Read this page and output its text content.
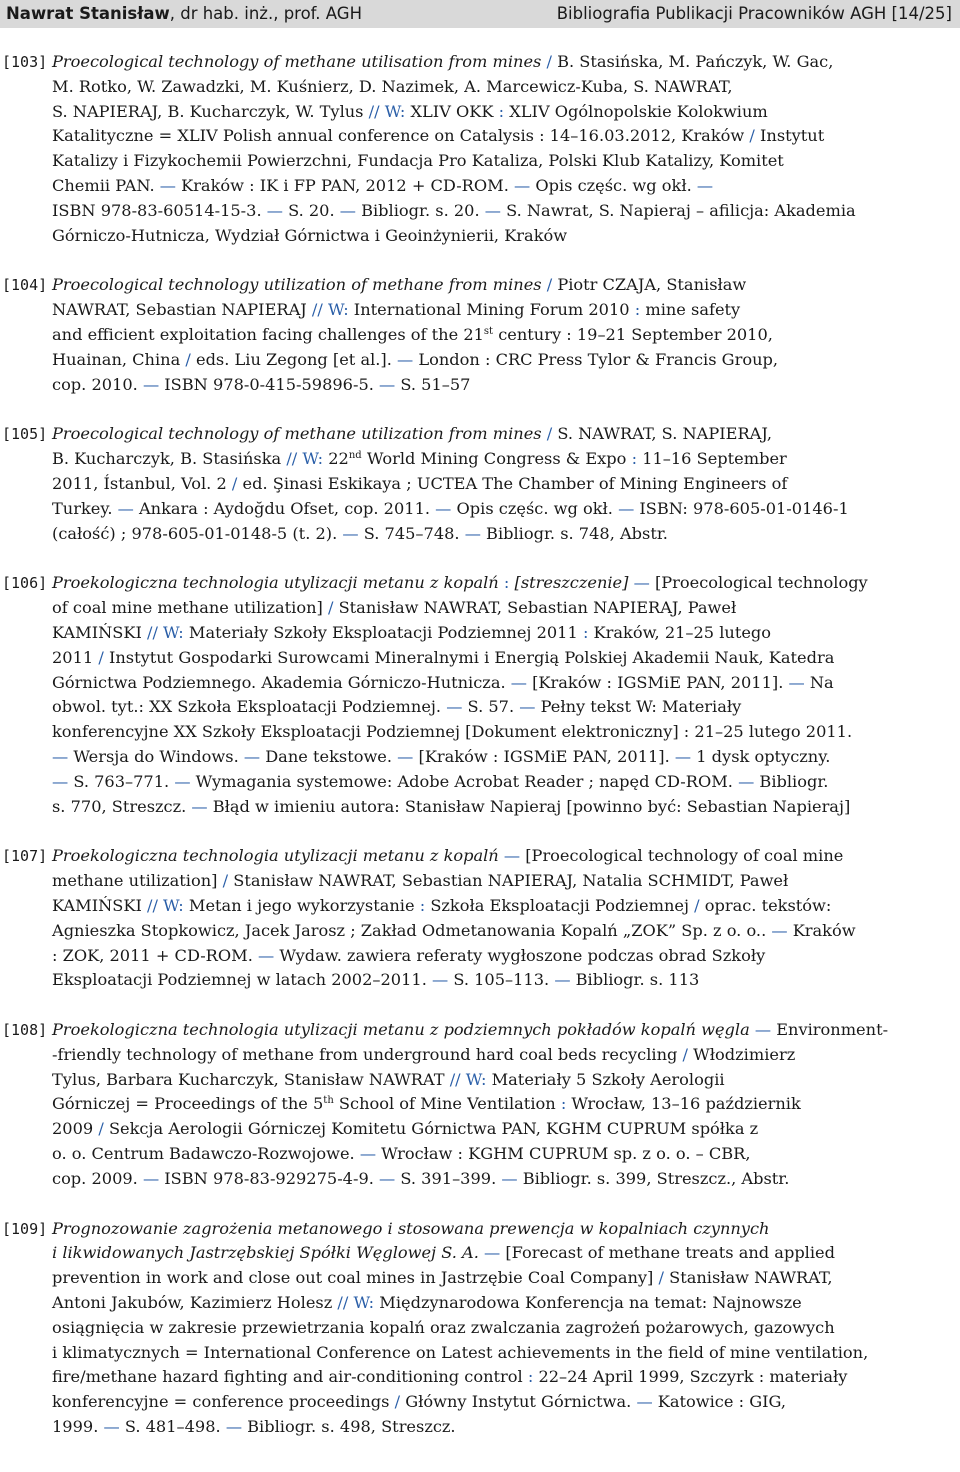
Nawrat Stanisław, dr hab. inż., prof. AGH	Bibliografia Publikacji Pracowników AGH [14/25]
[103] Proecological technology of methane utilisation from mines / B. Stasińska, M. Pańczyk, W. Gac,
M. Rotko, W. Zawadzki, M. Kuśnierz, D. Nazimek, A. Marcewicz-Kuba, S. NAWRAT,
S. NAPIERAJ, B. Kucharczyk, W. Tylus // W: XLIV OKK : XLIV Ogólnopolskie Kolokwium
Katalityczne = XLIV Polish annual conference on Catalysis : 14–16.03.2012, Kraków / Instytut
Katalizy i Fizykochemii Powierzchni, Fundacja Pro Kataliza, Polski Klub Katalizy, Komitet
Chemii PAN. — Kraków : IK i FP PAN, 2012 + CD-ROM. — Opis częśc. wg okł. —
ISBN 978-83-60514-15-3. — S. 20. — Bibliogr. s. 20. — S. Nawrat, S. Napieraj – afilicja: Akademia
Górniczo-Hutnicza, Wydział Górnictwa i Geoinżynierii, Kraków
[104] Proecological technology utilization of methane from mines / Piotr CZAJA, Stanisław
NAWRAT, Sebastian NAPIERAJ // W: International Mining Forum 2010 : mine safety
and efficient exploitation facing challenges of the 21st century : 19–21 September 2010,
Huainan, China / eds. Liu Zegong [et al.]. — London : CRC Press Tylor & Francis Group,
cop. 2010. — ISBN 978-0-415-59896-5. — S. 51–57
[105] Proecological technology of methane utilization from mines / S. NAWRAT, S. NAPIERAJ,
B. Kucharczyk, B. Stasińska // W: 22nd World Mining Congress & Expo : 11–16 September
2011, Ístanbul, Vol. 2 / ed. Şinasi Eskikaya ; UCTEA The Chamber of Mining Engineers of
Turkey. — Ankara : Aydoğdu Ofset, cop. 2011. — Opis częśc. wg okł. — ISBN: 978-605-01-0146-1
(całość) ; 978-605-01-0148-5 (t. 2). — S. 745–748. — Bibliogr. s. 748, Abstr.
[106] Proekologiczna technologia utylizacji metanu z kopalń : [streszczenie] — [Proecological technology
of coal mine methane utilization] / Stanisław NAWRAT, Sebastian NAPIERAJ, Paweł
KAMIŃSKI // W: Materiały Szkoły Eksploatacji Podziemnej 2011 : Kraków, 21–25 lutego
2011 / Instytut Gospodarki Surowcami Mineralnymi i Energią Polskiej Akademii Nauk, Katedra
Górnictwa Podziemnego. Akademia Górniczo-Hutnicza. — [Kraków : IGSMiE PAN, 2011]. — Na
obwol. tyt.: XX Szkoła Eksploatacji Podziemnej. — S. 57. — Pełny tekst W: Materiały
konferencyjne XX Szkoły Eksploatacji Podziemnej [Dokument elektroniczny] : 21–25 lutego 2011.
— Wersja do Windows. — Dane tekstowe. — [Kraków : IGSMiE PAN, 2011]. — 1 dysk optyczny.
— S. 763–771. — Wymagania systemowe: Adobe Acrobat Reader ; napęd CD-ROM. — Bibliogr.
s. 770, Streszcz. — Błąd w imieniu autora: Stanisław Napieraj [powinno być: Sebastian Napieraj]
[107] Proekologiczna technologia utylizacji metanu z kopalń — [Proecological technology of coal mine
methane utilization] / Stanisław NAWRAT, Sebastian NAPIERAJ, Natalia SCHMIDT, Paweł
KAMIŃSKI // W: Metan i jego wykorzystanie : Szkoła Eksploatacji Podziemnej / oprac. tekstów:
Agnieszka Stopkowicz, Jacek Jarosz ; Zakład Odmetanowania Kopalń „ZOK” Sp. z o. o.. — Kraków
: ZOK, 2011 + CD-ROM. — Wydaw. zawiera referaty wygłoszone podczas obrad Szkoły
Eksploatacji Podziemnej w latach 2002–2011. — S. 105–113. — Bibliogr. s. 113
[108] Proekologiczna technologia utylizacji metanu z podziemnych pokładów kopalń węgla — Environment-
-friendly technology of methane from underground hard coal beds recycling / Włodzimierz
Tylus, Barbara Kucharczyk, Stanisław NAWRAT // W: Materiały 5 Szkoły Aerologii
Górniczej = Proceedings of the 5th School of Mine Ventilation : Wrocław, 13–16 październik
2009 / Sekcja Aerologii Górniczej Komitetu Górnictwa PAN, KGHM CUPRUM spółka z
o. o. Centrum Badawczo-Rozwojowe. — Wrocław : KGHM CUPRUM sp. z o. o. – CBR,
cop. 2009. — ISBN 978-83-929275-4-9. — S. 391–399. — Bibliogr. s. 399, Streszcz., Abstr.
[109] Prognozowanie zagrożenia metanowego i stosowana prewencja w kopalniach czynnych
i likwidowanych Jastrzębskiej Spółki Węglowej S. A. — [Forecast of methane treats and applied
prevention in work and close out coal mines in Jastrzębie Coal Company] / Stanisław NAWRAT,
Antoni Jakubów, Kazimierz Holesz // W: Międzynarodowa Konferencja na temat: Najnowsze
osiągnięcia w zakresie przewietrzania kopalń oraz zwalczania zagrożeń pożarowych, gazowych
i klimatycznych = International Conference on Latest achievements in the field of mine ventilation,
fire/methane hazard fighting and air-conditioning control : 22–24 April 1999, Szczyrk : materiały
konferencyjne = conference proceedings / Główny Instytut Górnictwa. — Katowice : GIG,
1999. — S. 481–498. — Bibliogr. s. 498, Streszcz.
